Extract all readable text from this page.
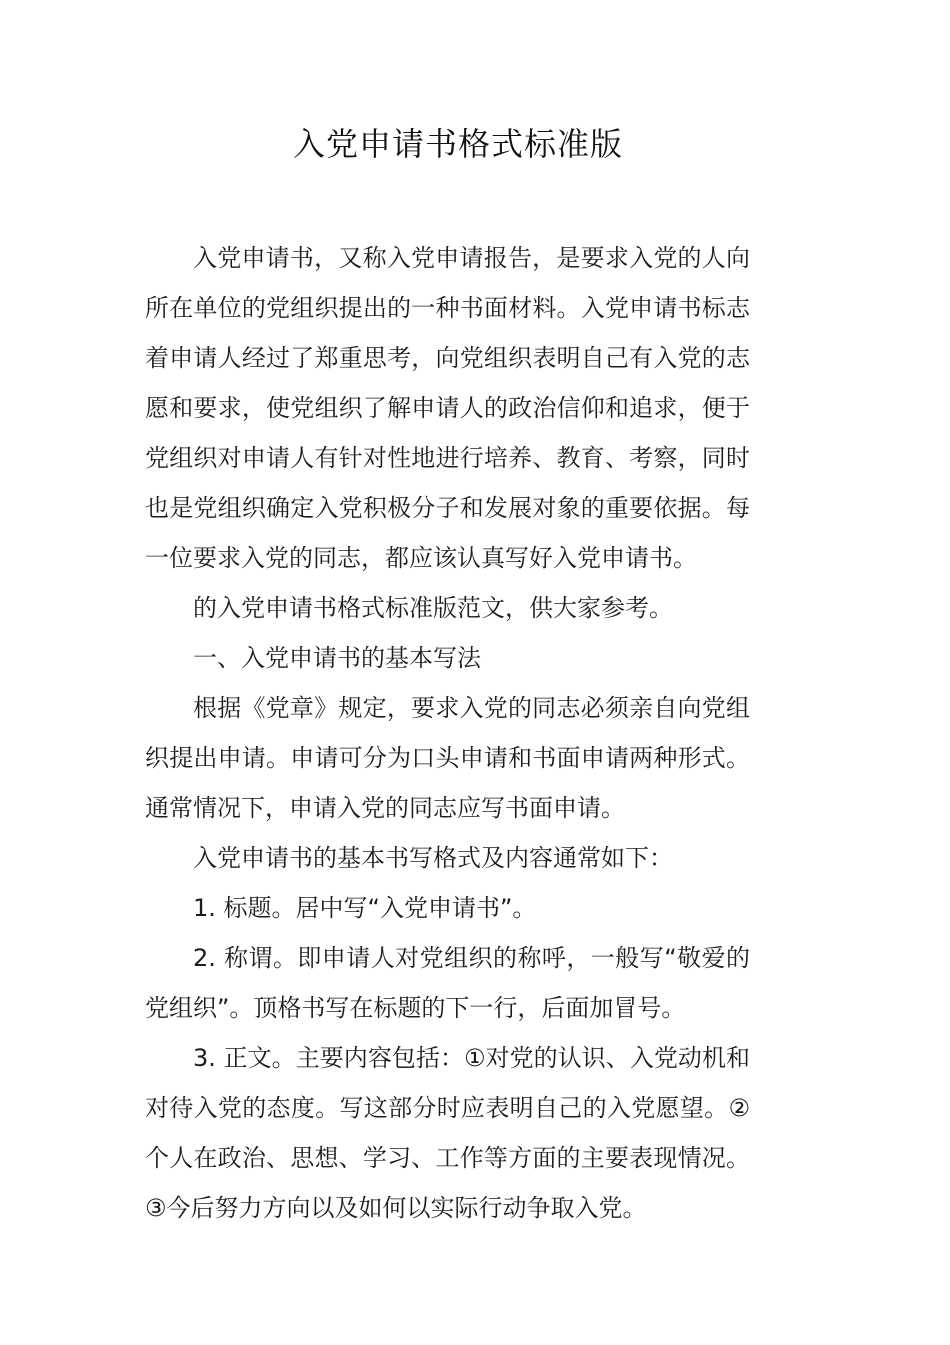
入党申请书格式标准版

入党申请书，又称入党申请报告，是要求入党的人向所在单位的党组织提出的一种书面材料。入党申请书标志着申请人经过了郑重思考，向党组织表明自己有入党的志愿和要求，使党组织了解申请人的政治信仰和追求，便于党组织对申请人有针对性地进行培养、教育、考察，同时也是党组织确定入党积极分子和发展对象的重要依据。每一位要求入党的同志，都应该认真写好入党申请书。

的入党申请书格式标准版范文，供大家参考。

一、入党申请书的基本写法

根据《党章》规定，要求入党的同志必须亲自向党组织提出申请。申请可分为口头申请和书面申请两种形式。通常情况下，申请入党的同志应写书面申请。

入党申请书的基本书写格式及内容通常如下：

1. 标题。居中写“入党申请书”。

2. 称谓。即申请人对党组织的称呼，一般写“敬爱的党组织”。顶格书写在标题的下一行，后面加冒号。

3. 正文。主要内容包括：①对党的认识、入党动机和对待入党的态度。写这部分时应表明自己的入党愿望。②个人在政治、思想、学习、工作等方面的主要表现情况。③今后努力方向以及如何以实际行动争取入党。
